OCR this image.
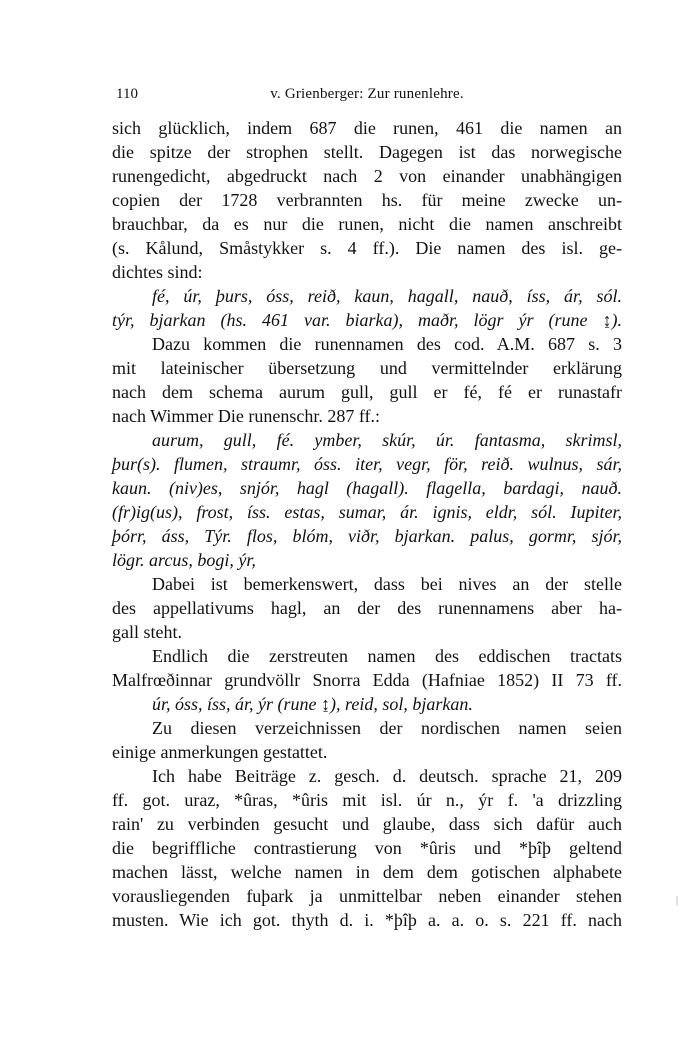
110	v. Grienberger: Zur runenlehre.
sich glücklich, indem 687 die runen, 461 die namen an
die spitze der strophen stellt. Dagegen ist das norwegische
runengedicht, abgedruckt nach 2 von einander unabhängigen
copien der 1728 verbrannten hs. für meine zwecke un-
brauchbar, da es nur die runen, nicht die namen anschreibt
(s. Kålund, Småstykker s. 4 ff.). Die namen des isl. ge-
dichtes sind:
fé, úr, þurs, óss, reið, kaun, hagall, nauð, íss, ár, sól.
týr, bjarkan (hs. 461 var. biarka), maðr, lögr ýr (rune ↨).
Dazu kommen die runennamen des cod. A.M. 687 s. 3
mit lateinischer übersetzung und vermittelnder erklärung
nach dem schema aurum gull, gull er fé, fé er runastafr
nach Wimmer Die runenschr. 287 ff.:
aurum, gull, fé. ymber, skúr, úr. fantasma, skrimsl,
þur(s). flumen, straumr, óss. iter, vegr, för, reið. wulnus, sár,
kaun. (niv)es, snjór, hagl (hagall). flagella, bardagi, nauð.
(fr)ig(us), frost, íss. estas, sumar, ár. ignis, eldr, sól. Iupiter,
þórr, áss, Týr. flos, blóm, viðr, bjarkan. palus, gormr, sjór,
lögr. arcus, bogi, ýr,
Dabei ist bemerkenswert, dass bei nives an der stelle
des appellativums hagl, an der des runennamens aber ha-
gall steht.
Endlich die zerstreuten namen des eddischen tractats
Malfrœðinnar grundvöllr Snorra Edda (Hafniae 1852) II 73 ff.
úr, óss, íss, ár, ýr (rune ↨), reid, sol, bjarkan.
Zu diesen verzeichnissen der nordischen namen seien
einige anmerkungen gestattet.
Ich habe Beiträge z. gesch. d. deutsch. sprache 21, 209
ff. got. uraz, *ûras, *ûris mit isl. úr n., ýr f. 'a drizzling
rain' zu verbinden gesucht und glaube, dass sich dafür auch
die begriffliche contrastierung von *ûris und *þîþ geltend
machen lässt, welche namen in dem dem gotischen alphabete
vorausliegenden fuþark ja unmittelbar neben einander stehen
musten. Wie ich got. thyth d. i. *þîþ a. a. o. s. 221 ff. nach
|
